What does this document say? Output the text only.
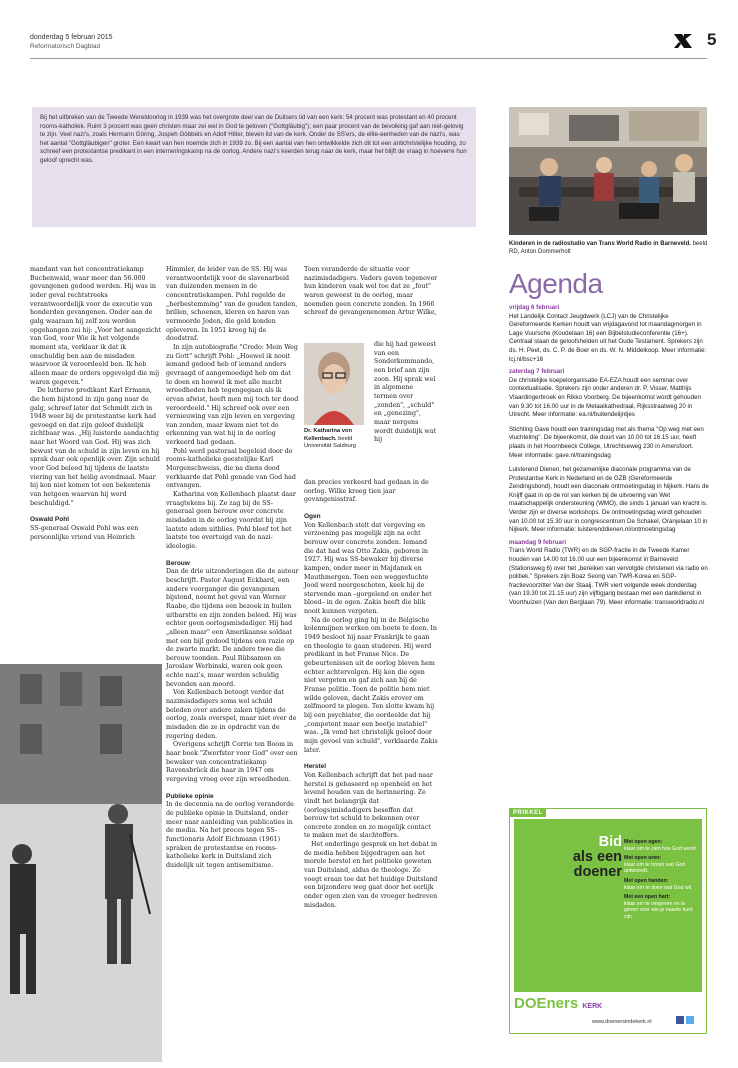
donderdag 5 februari 2015
Reformatorisch Dagblad	5

Bij het uitbreken van de Tweede Wereldoorlog in 1939 was het overgrote deel van de Duitsers lid van een kerk: 54 procent was protestant en 40 procent rooms-katholiek. Ruim 3 procent was geen christen maar zei wel in God te geloven ("Gottgläubig"); een paar procent van de bevolking gaf aan niet-gelovig te zijn. Veel nazi's, zoals Hermann Göring, Jospeh Göbbels en Adolf Hitler, bleven lid van de kerk. Onder de SS'ers, de elite-eenheden van de nazi's, was het aantal "Gottgläubigen" groter. Een kwart van hen noemde zich in 1939 zo. Bij een aantal van hen ontwikkelde zich dit tot een antichristelijke houding, zo schreef een protestantse predikant in een interneringskamp na de oorlog. Andere nazi's keerden terug naar de kerk, maar het blijft de vraag in hoeverre hun geloof oprecht was.

Kinderen in de radiostudio van Trans World Radio in Barneveld. beeld RD, Anton Dommerholt
Agenda

vrijdag 6 februari

Het Landelijk Contact Jeugdwerk (LCJ) van de Christelijke Gereformeerde Kerken houdt van vrijdagavond tot maandagmorgen in Lage Vuursche (Koudelaan 16) een Bijbelstudieconferentie (16+). Centraal staan de geloofshelden uit het Oude Testament. Sprekers zijn ds. H. Peet, ds. C. P. de Boer en ds. W. N. Middelkoop. Meer informatie: lcj.nl/bsc+16

zaterdag 7 februari

De christelijke koepelorganisatie EA-EZA houdt een seminar over contextualisatie. Sprekers zijn onder anderen dr. P. Visser, Matthijs Vlaardingerbroek en Rikko Voorberg. De bijeenkomst wordt gehouden van 9.30 tot 16.00 uur in de Metaalkathedraal, Rijksstraatweg 20 in Utrecht. Meer informatie: ea.nl/buitendelijntjes

Stichting Gave houdt een trainingsdag met als thema "Op weg met een vluchteling". De bijeenkomst, die duurt van 10.00 tot 16.15 uur, heeft plaats in het Hoornbeeck College, Utrechtseweg 230 in Amersfoort. Meer informatie: gave.nl/trainingsdag

Luisterend Dienen, het gezamenlijke diaconale programma van de Protestantse Kerk in Nederland en de GZB (Gereformeerde Zendingsbond), houdt een diaconale ontmoetingsdag in Nijkerk. Hans de Knijff gaat in op de rol van kerken bij de uitvoering van Wet maatschappelijk ondersteuning (WMO), die sinds 1 januari van kracht is. Verder zijn er diverse workshops. De ontmoetingsdag wordt gehouden van 10.00 tot 15.30 uur in congrescentrum De Schakel, Oranjelaan 10 in Nijkerk. Meer informatie: luisterenddienen.nl/ontmoetingsdag

maandag 9 februari

Trans World Radio (TWR) en de SGP-fractie in de Tweede Kamer houden van 14.00 tot 16.00 uur een bijeenkomst in Barneveld (Stationsweg 6) over het „bereiken van vervolgde christenen via radio en politiek." Sprekers zijn Boaz Seong van TWR-Korea en SGP-fractievoorzitter Van der Staaij. TWR viert volgende week donderdag (van 19.30 tot 21.15 uur) zijn vijftigjarig bestaan met een dankdienst in Voorthuizen (Van den Berglaan 79). Meer informatie: transworldradio.nl

PRIKKEL
Bid
als een
doener
Met open ogen:
klaar om te zien hoe God werkt.
Met open oren:
klaar om te horen wat God antwoordt.
Met open handen:
klaar om te doen wat God wil.
Met een open hart:
klaar om te vergeven en te geven voor wie je naaste kunt zijn.
DOEners KERK
www.doenersindekerk.nl

mandant van het concentratiekamp Buchenwald, waar meer dan 56.000 gevangenen gedood werden. Hij was in ieder geval rechtstreeks verantwoordelijk voor de executie van honderden gevangenen. Onder aan de galg waaraan hij zelf zou worden opgehangen zei hij: „Voor het aangezicht van God, voor Wie ik het volgende moment sta, verklaar ik dat ik onschuldig ben aan de misdaden waarvoor ik veroordeeld ben. Ik heb alleen maar de orders opgevolgd die mij waren gegeven."

De lutherse predikant Karl Ermann, die hem bijstond in zijn gang naar de galg, schreef later dat Schmidt zich in 1948 weer bij de protestantse kerk had gevoegd en dat zijn geloof duidelijk zichtbaar was. „Hij luisterde aandachtig naar het Woord van God. Hij was zich bewust van de schuld in zijn leven en hij sprak daar ook openlijk over. Zijn schuld voor God beleed hij tijdens de laatste viering van het heilig avondmaal. Maar hij kon niet komen tot een bekentenis van hetgeen waarvan hij werd beschuldigd."

Oswald Pohl

SS-generaal Oswald Pohl was een persoonlijke vriend van Heinrich

Himmler, de leider van de SS. Hij was verantwoordelijk voor de slavenarbeid van duizenden mensen in de concentratiekampen. Pohl regelde de „herbestemming" van de gouden tanden, brillen, schoenen, kleren en haren van vermoorde Joden, die geld konden opleveren. In 1951 kreeg hij de doodstraf.

In zijn autobiografie "Credo: Mein Weg zu Gott" schrijft Pohl: „Hoewel ik nooit iemand gedood heb of iemand anders gevraagd of aangemoedigd heb om dat te doen en hoewel ik met alle macht wreedheden heb tegengegaan als ik ervan afwist, heeft men mij toch ter dood veroordeeld." Hij schreef ook over een vernieuwing van zijn leven en vergeving van zonden, maar kwam niet tot de erkenning van wat hij in de oorlog verkeerd had gedaan.

Pohl werd pastoraal begeleid door de rooms-katholieke geestelijke Karl Morgenschweiss, die na diens dood verklaarde dat Pohl genade van God had ontvangen.

Katharina von Kellenbach plaatst daar vraagtekens bij. Ze zag bij de SS-generaal geen berouw over concrete misdaden in de oorlog voordat hij zijn laatste adem uitblies. Pohl bleef tot het laatste toe overtuigd van de nazi-ideologie.

Berouw

Dan de drie uitzonderingen die de auteur beschrijft. Pastor August Eckhard, een andere voorganger die gevangenen bijstond, noemt het geval van Werner Raabe, die tijdens een bezoek in huilen uitbarstte en zijn zonden beleed. Hij was echter geen oorlogsmisdadiger. Hij had „alleen maar" een Amerikaanse soldaat met een bijl gedood tijdens een ruzie op de zwarte markt. De andere twee die berouw toonden. Paul Rübsamen en Jaroslaw Werbinski, waren ook geen echte nazi's, maar werden schuldig bevonden aan moord.

Von Kellenbach betoogt verder dat nazimisdadigers soms wel schuld beleden over andere zaken tijdens de oorlog, zoals overspel, maar niet over de misdaden die ze in opdracht van de regering deden.

Overigens schrijft Corrie ten Boom in haar boek "Zwerfster voor God" over een bewaker van concentratiekamp Ravensbrück die haar in 1947 om vergeving vroeg over zijn wreedheden.

Publieke opinie

In de decennia na de oorlog veranderde de publieke opinie in Duitsland, onder meer naar aanleiding van publicaties in de media. Na het proces tegen SS-functionaris Adolf Eichmann (1961) spraken de protestantse en rooms-katholieke kerk in Duitsland zich duidelijk uit tegen antisemitisme.

Toen veranderde de situatie voor nazimisdadigers. Vaders gaven tegenover hun kinderen vaak wel toe dat ze „fout" waren geweest in de oorlog, maar noemden geen concrete zonden. In 1966 schreef de gevangenenomen Artur Wilke,

die hij had geweest van een Sonderkommando, een brief aan zijn zoon. Hij sprak wel in algemene termen over „zonden", „schuld" en „genezing", maar nergens wordt duidelijk wat hij
Dr. Katharina von Kellenbach. beeld Universität Salzburg

dan precies verkeerd had gedaan in de oorlog. Wilke kreeg tien jaar gevangenisstraf.

Ogen

Von Kellenbach stelt dat vergeving en verzoening pas mogelijk zijn na echt berouw over concrete zonden. Iemand die dat had was Otto Zakis, geboren in 1927. Hij was SS-bewaker bij diverse kampen, onder meer in Majdanek en Mauthmergen. Toen een weggevluchte Jood werd neergeschoten, keek hij de stervende man –gorgelend en onder het bloed– in de ogen. Zakis heeft die blik nooit kunnen vergeten.

Na de oorlog ging hij in de Belgische kolenmijnen werken om boete te doen. In 1949 besloot hij naar Frankrijk te gaan en theologie te gaan studeren. Hij werd predikant in het Franse Nice. De gebeurtenissen uit de oorlog bleven hem echter achtervolgen. Hij kon die ogen niet vergeten en gaf zich aan bij de Franse politie. Toen de politie hem niet wilde geloven, dacht Zakis erover om zelfmoord te plegen. Ten slotte kwam hij bij een psychiater, die oordeelde dat hij „competent maar een beetje instabiel" was. „Ik vond het christelijk geloof door mijn gevoel van schuld", verklaarde Zakis later.

Herstel

Von Kellenbach schrijft dat het pad naar herstel is gebaseerd op openheid en het levend houden van de herinnering. Ze vindt het belangrijk dat (oorlogs)misdadigers beseffen dat berouw tot schuld te bekennen over concrete zonden en zo mogelijk contact te maken met de slachtoffers.

Het onderlinge gesprek en het debat in de media hebben bijgedragen aan het morele herstel en het politieke geweten van Duitsland, aldus de theologe. Ze voegt eraan toe dat het huidige Duitsland een bijzondere weg gaat door het eerlijk onder ogen zien van de vroeger bedreven misdaden.
